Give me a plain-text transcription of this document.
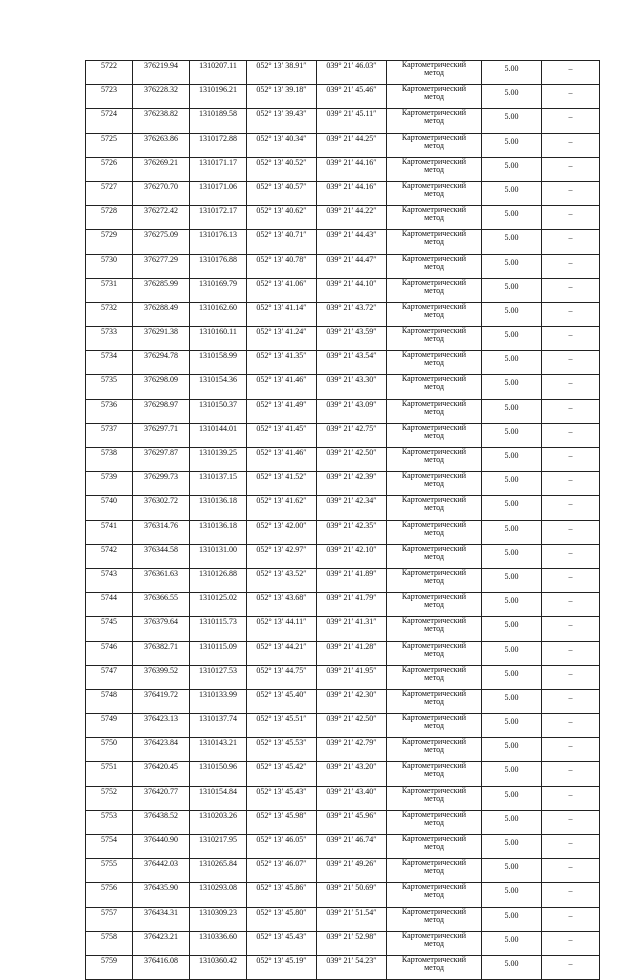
5722	376219.94	1310207.11	052° 13′ 38.91″	039° 21′ 46.03″	Картометрический
метод	5.00	–
5723	376228.32	1310196.21	052° 13′ 39.18″	039° 21′ 45.46″	Картометрический
метод	5.00	–
5724	376238.82	1310189.58	052° 13′ 39.43″	039° 21′ 45.11″	Картометрический
метод	5.00	–
5725	376263.86	1310172.88	052° 13′ 40.34″	039° 21′ 44.25″	Картометрический
метод	5.00	–
5726	376269.21	1310171.17	052° 13′ 40.52″	039° 21′ 44.16″	Картометрический
метод	5.00	–
5727	376270.70	1310171.06	052° 13′ 40.57″	039° 21′ 44.16″	Картометрический
метод	5.00	–
5728	376272.42	1310172.17	052° 13′ 40.62″	039° 21′ 44.22″	Картометрический
метод	5.00	–
5729	376275.09	1310176.13	052° 13′ 40.71″	039° 21′ 44.43″	Картометрический
метод	5.00	–
5730	376277.29	1310176.88	052° 13′ 40.78″	039° 21′ 44.47″	Картометрический
метод	5.00	–
5731	376285.99	1310169.79	052° 13′ 41.06″	039° 21′ 44.10″	Картометрический
метод	5.00	–
5732	376288.49	1310162.60	052° 13′ 41.14″	039° 21′ 43.72″	Картометрический
метод	5.00	–
5733	376291.38	1310160.11	052° 13′ 41.24″	039° 21′ 43.59″	Картометрический
метод	5.00	–
5734	376294.78	1310158.99	052° 13′ 41.35″	039° 21′ 43.54″	Картометрический
метод	5.00	–
5735	376298.09	1310154.36	052° 13′ 41.46″	039° 21′ 43.30″	Картометрический
метод	5.00	–
5736	376298.97	1310150.37	052° 13′ 41.49″	039° 21′ 43.09″	Картометрический
метод	5.00	–
5737	376297.71	1310144.01	052° 13′ 41.45″	039° 21′ 42.75″	Картометрический
метод	5.00	–
5738	376297.87	1310139.25	052° 13′ 41.46″	039° 21′ 42.50″	Картометрический
метод	5.00	–
5739	376299.73	1310137.15	052° 13′ 41.52″	039° 21′ 42.39″	Картометрический
метод	5.00	–
5740	376302.72	1310136.18	052° 13′ 41.62″	039° 21′ 42.34″	Картометрический
метод	5.00	–
5741	376314.76	1310136.18	052° 13′ 42.00″	039° 21′ 42.35″	Картометрический
метод	5.00	–
5742	376344.58	1310131.00	052° 13′ 42.97″	039° 21′ 42.10″	Картометрический
метод	5.00	–
5743	376361.63	1310126.88	052° 13′ 43.52″	039° 21′ 41.89″	Картометрический
метод	5.00	–
5744	376366.55	1310125.02	052° 13′ 43.68″	039° 21′ 41.79″	Картометрический
метод	5.00	–
5745	376379.64	1310115.73	052° 13′ 44.11″	039° 21′ 41.31″	Картометрический
метод	5.00	–
5746	376382.71	1310115.09	052° 13′ 44.21″	039° 21′ 41.28″	Картометрический
метод	5.00	–
5747	376399.52	1310127.53	052° 13′ 44.75″	039° 21′ 41.95″	Картометрический
метод	5.00	–
5748	376419.72	1310133.99	052° 13′ 45.40″	039° 21′ 42.30″	Картометрический
метод	5.00	–
5749	376423.13	1310137.74	052° 13′ 45.51″	039° 21′ 42.50″	Картометрический
метод	5.00	–
5750	376423.84	1310143.21	052° 13′ 45.53″	039° 21′ 42.79″	Картометрический
метод	5.00	–
5751	376420.45	1310150.96	052° 13′ 45.42″	039° 21′ 43.20″	Картометрический
метод	5.00	–
5752	376420.77	1310154.84	052° 13′ 45.43″	039° 21′ 43.40″	Картометрический
метод	5.00	–
5753	376438.52	1310203.26	052° 13′ 45.98″	039° 21′ 45.96″	Картометрический
метод	5.00	–
5754	376440.90	1310217.95	052° 13′ 46.05″	039° 21′ 46.74″	Картометрический
метод	5.00	–
5755	376442.03	1310265.84	052° 13′ 46.07″	039° 21′ 49.26″	Картометрический
метод	5.00	–
5756	376435.90	1310293.08	052° 13′ 45.86″	039° 21′ 50.69″	Картометрический
метод	5.00	–
5757	376434.31	1310309.23	052° 13′ 45.80″	039° 21′ 51.54″	Картометрический
метод	5.00	–
5758	376423.21	1310336.60	052° 13′ 45.43″	039° 21′ 52.98″	Картометрический
метод	5.00	–
5759	376416.08	1310360.42	052° 13′ 45.19″	039° 21′ 54.23″	Картометрический
метод	5.00	–
